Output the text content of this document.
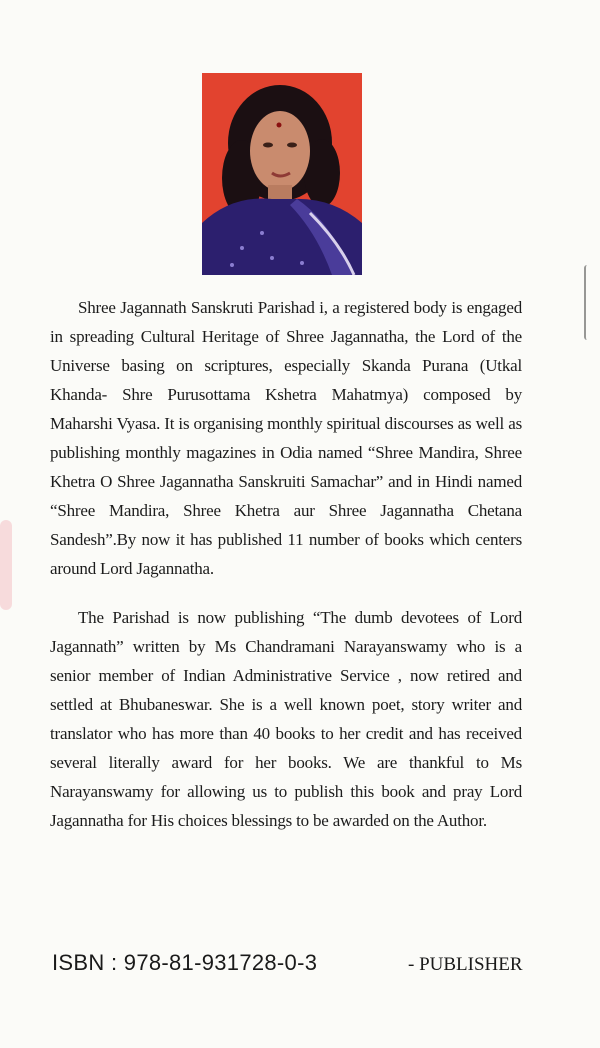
Shree Jagannath Sanskruti Parishad i, a registered body is engaged in spreading Cultural Heritage of Shree Jagannatha, the Lord of the Universe basing on scriptures, especially Skanda Purana (Utkal Khanda- Shre Purusottama Kshetra Mahatmya) composed by Maharshi Vyasa. It is organising monthly spiritual discourses as well as publishing monthly magazines in Odia named “Shree Mandira, Shree Khetra O Shree Jagannatha Sanskruiti Samachar” and in Hindi named “Shree Mandira, Shree Khetra aur Shree Jagannatha Chetana Sandesh”.By now it has published 11 number of books which centers around Lord Jagannatha.

The Parishad is now publishing “The dumb devotees of Lord Jagannath” written by Ms Chandramani Narayanswamy who is a senior member of Indian Administrative Service , now retired and settled at Bhubaneswar. She is a well known poet, story writer and translator who has more than 40 books to her credit and has received several literally award for her books. We are thankful to Ms Narayanswamy for allowing us to publish this book and pray Lord Jagannatha for His choices blessings to be awarded on the Author.

ISBN : 978-81-931728-0-3	- PUBLISHER
